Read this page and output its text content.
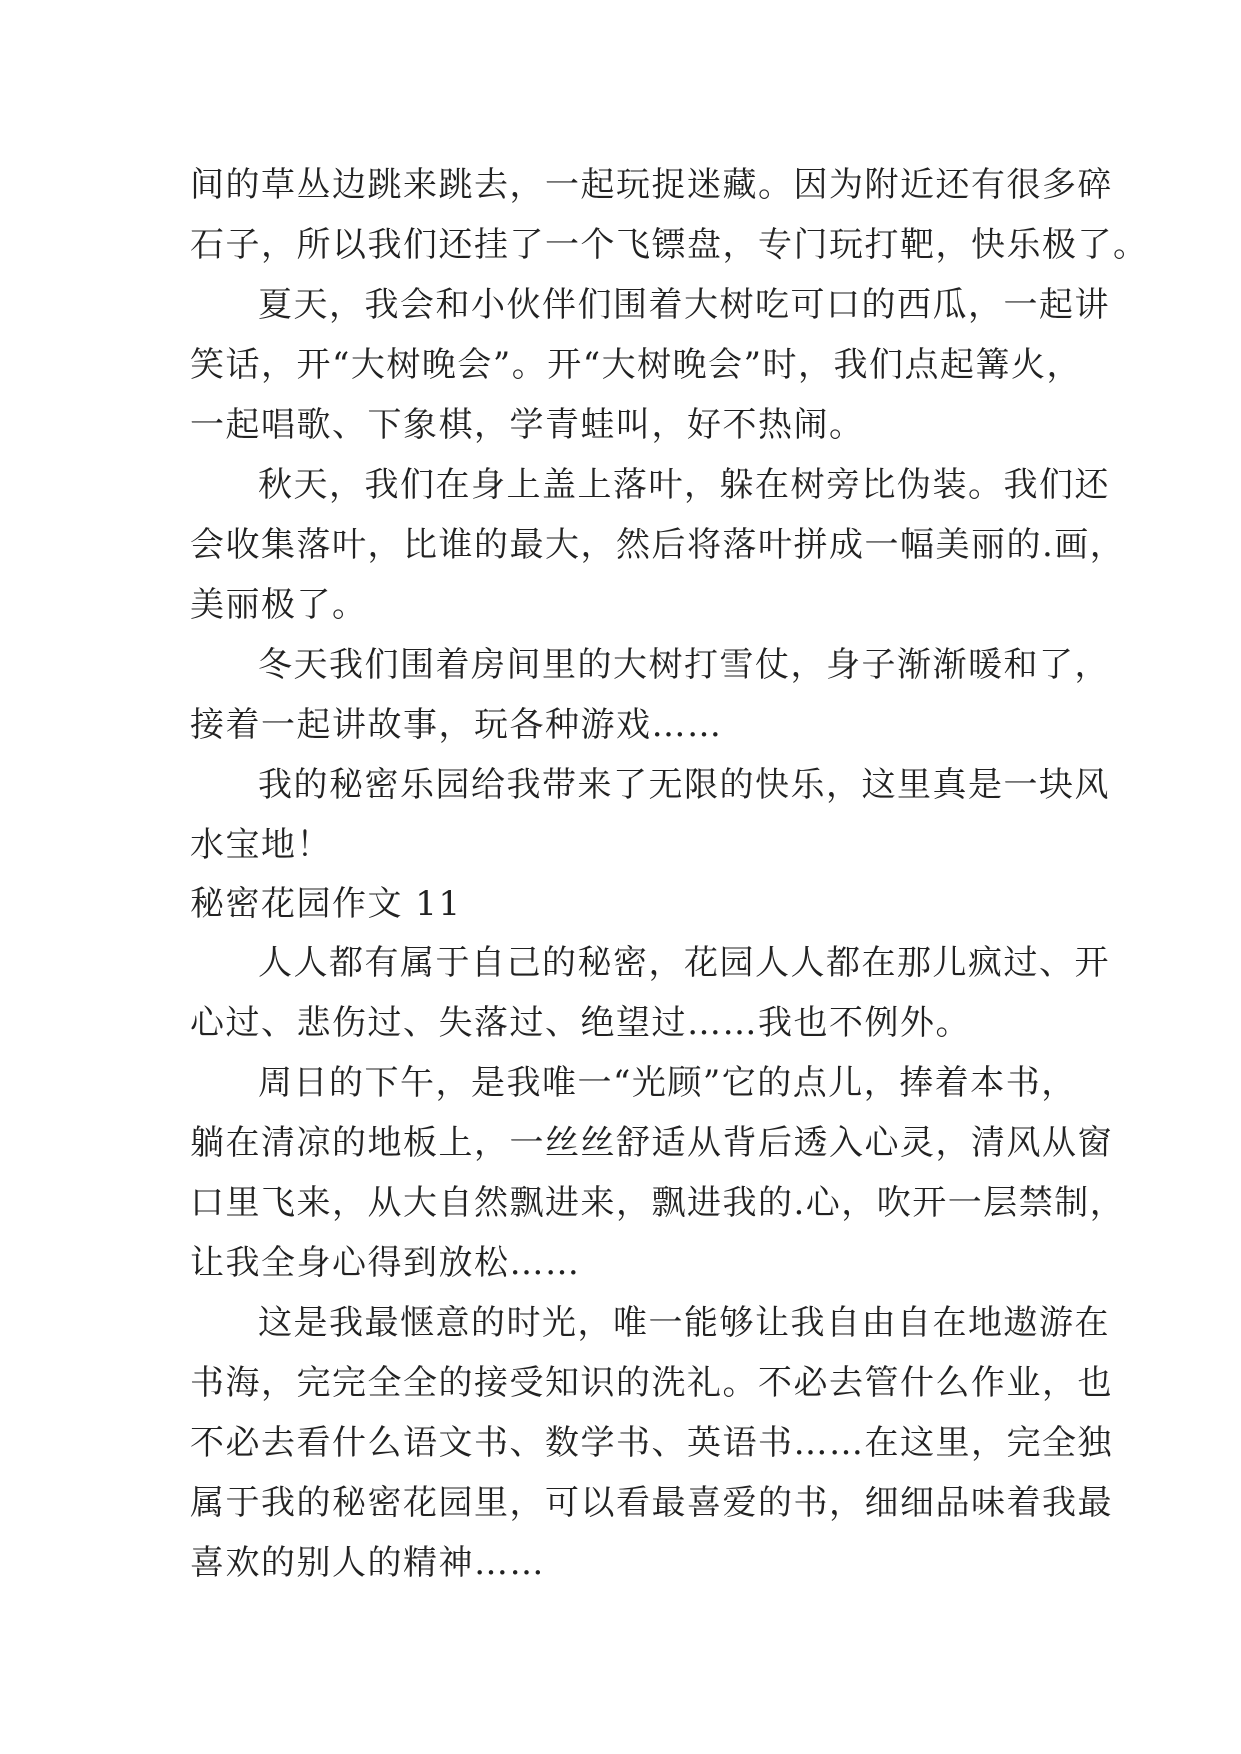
间的草丛边跳来跳去，一起玩捉迷藏。因为附近还有很多碎
石子，所以我们还挂了一个飞镖盘，专门玩打靶，快乐极了。
夏天，我会和小伙伴们围着大树吃可口的西瓜，一起讲
笑话，开“大树晚会”。开“大树晚会”时，我们点起篝火，
一起唱歌、下象棋，学青蛙叫，好不热闹。
秋天，我们在身上盖上落叶，躲在树旁比伪装。我们还
会收集落叶，比谁的最大，然后将落叶拼成一幅美丽的.画，
美丽极了。
冬天我们围着房间里的大树打雪仗，身子渐渐暖和了，
接着一起讲故事，玩各种游戏……
我的秘密乐园给我带来了无限的快乐，这里真是一块风
水宝地！
秘密花园作文 11
人人都有属于自己的秘密，花园人人都在那儿疯过、开
心过、悲伤过、失落过、绝望过……我也不例外。
周日的下午，是我唯一“光顾”它的点儿，捧着本书，
躺在清凉的地板上，一丝丝舒适从背后透入心灵，清风从窗
口里飞来，从大自然飘进来，飘进我的.心，吹开一层禁制，
让我全身心得到放松……
这是我最惬意的时光，唯一能够让我自由自在地遨游在
书海，完完全全的接受知识的洗礼。不必去管什么作业，也
不必去看什么语文书、数学书、英语书……在这里，完全独
属于我的秘密花园里，可以看最喜爱的书，细细品味着我最
喜欢的别人的精神……
